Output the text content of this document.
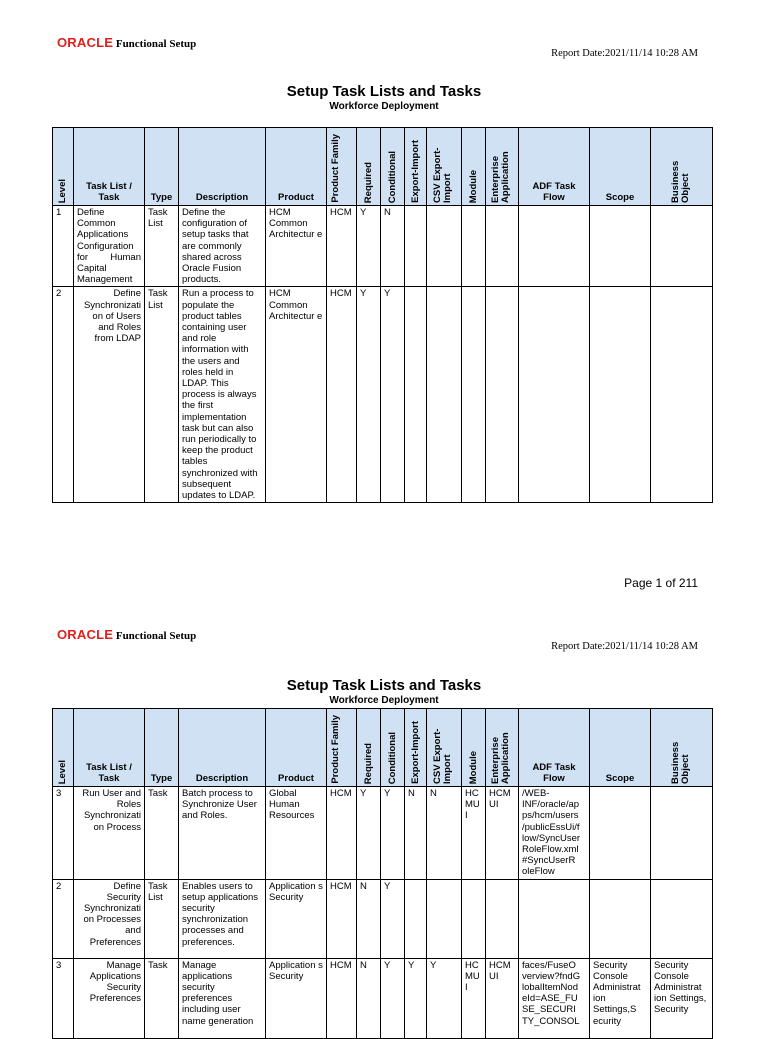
ORACLE Functional Setup
Report Date:2021/11/14 10:28 AM
Setup Task Lists and Tasks
Workforce Deployment
Level	Task List / Task	Type	Description	Product	Product Family	Required	Conditional	Export-Import	CSV Export-Import	Module	Enterprise Application	ADF Task Flow	Scope	Business Object

1	Define Common Applications Configuration for Human Capital Management	Task List	Define the configuration of setup tasks that are commonly shared across Oracle Fusion products.	HCM Common Architectur e	HCM	Y	N							
2	Define Synchronizati on of Users and Roles from LDAP	Task List	Run a process to populate the product tables containing user and role information with the users and roles held in LDAP. This process is always the first implementation task but can also run periodically to keep the product tables synchronized with subsequent updates to LDAP.	HCM Common Architectur e	HCM	Y	Y							
Page 1 of 211
ORACLE Functional Setup
Report Date:2021/11/14 10:28 AM
Setup Task Lists and Tasks
Workforce Deployment
Level	Task List / Task	Type	Description	Product	Product Family	Required	Conditional	Export-Import	CSV Export-Import	Module	Enterprise Application	ADF Task Flow	Scope	Business Object

3	Run User and Roles Synchronizati on Process	Task	Batch process to Synchronize User and Roles.	Global Human Resources	HCM	Y	Y	N	N	HC MU I	HCM UI	/WEB-INF/oracle/ap ps/hcm/users /publicEssUi/f low/SyncUser RoleFlow.xml #SyncUserR oleFlow		
2	Define Security Synchronizati on Processes and Preferences	Task List	Enables users to setup applications security synchronization processes and preferences.	Application s Security	HCM	N	Y							
3	Manage Applications Security Preferences	Task	Manage applications security preferences including user name generation	Application s Security	HCM	N	Y	Y	Y	HC MU I	HCM UI	faces/FuseO verview?fndG lobalItemNod eId=ASE_FU SE_SECURI TY_CONSOL	Security Console Administrat ion Settings,S ecurity	Security Console Administrat ion Settings, Security
